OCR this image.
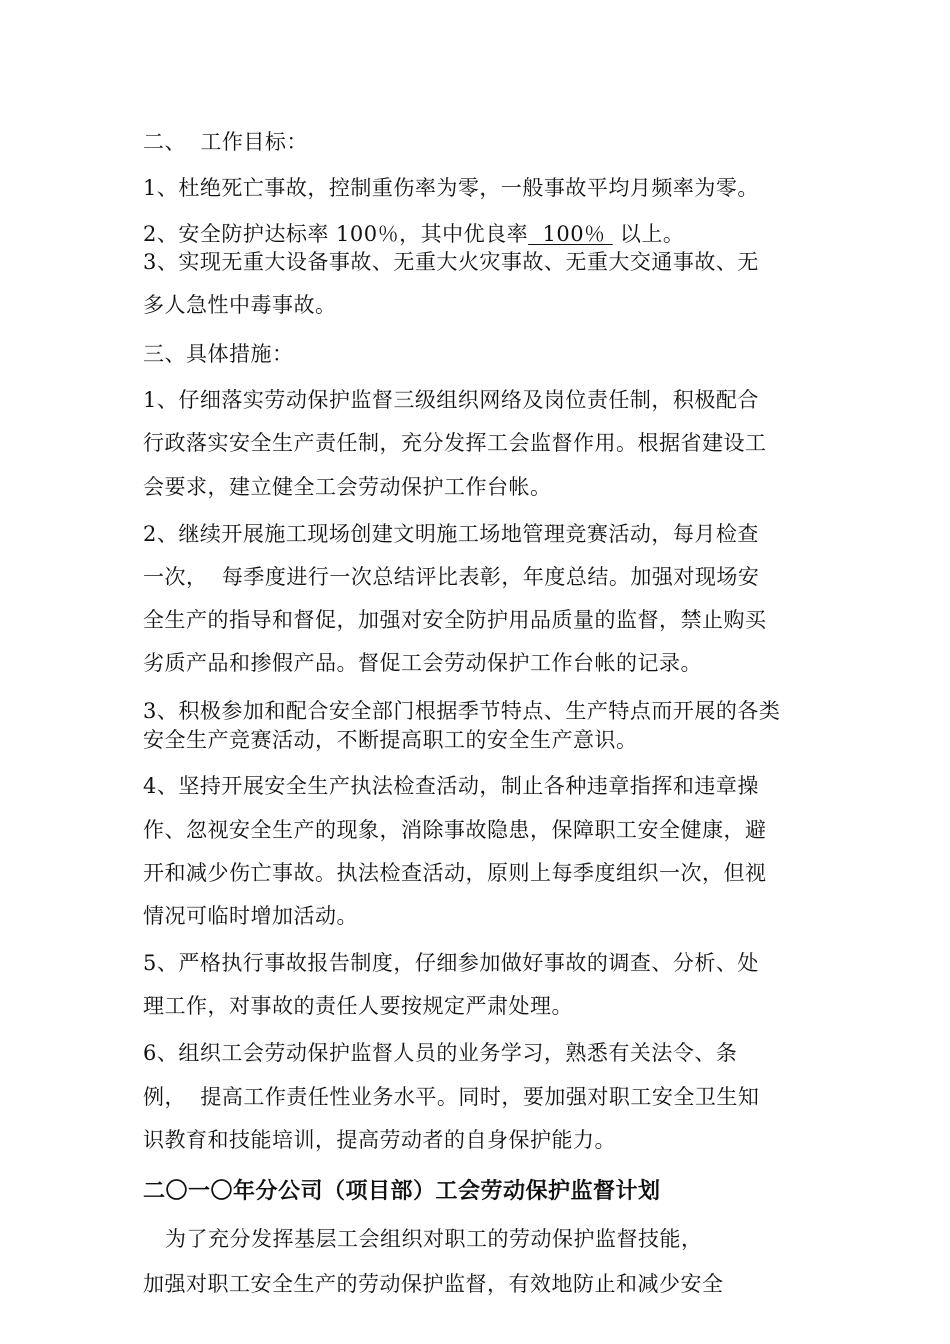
二、  工作目标：
1、杜绝死亡事故，控制重伤率为零，一般事故平均月频率为零。
2、安全防护达标率 100％，其中优良率  100％  以上。
3、实现无重大设备事故、无重大火灾事故、无重大交通事故、无
多人急性中毒事故。
三、具体措施：
1、仔细落实劳动保护监督三级组织网络及岗位责任制，积极配合
行政落实安全生产责任制，充分发挥工会监督作用。根据省建设工
会要求，建立健全工会劳动保护工作台帐。
2、继续开展施工现场创建文明施工场地管理竞赛活动，每月检查
一次，  每季度进行一次总结评比表彰，年度总结。加强对现场安
全生产的指导和督促，加强对安全防护用品质量的监督，禁止购买
劣质产品和掺假产品。督促工会劳动保护工作台帐的记录。
3、积极参加和配合安全部门根据季节特点、生产特点而开展的各类
安全生产竞赛活动，不断提高职工的安全生产意识。
4、坚持开展安全生产执法检查活动，制止各种违章指挥和违章操
作、忽视安全生产的现象，消除事故隐患，保障职工安全健康，避
开和减少伤亡事故。执法检查活动，原则上每季度组织一次，但视
情况可临时增加活动。
5、严格执行事故报告制度，仔细参加做好事故的调查、分析、处
理工作，对事故的责任人要按规定严肃处理。
6、组织工会劳动保护监督人员的业务学习，熟悉有关法令、条
例，  提高工作责任性业务水平。同时，要加强对职工安全卫生知
识教育和技能培训，提高劳动者的自身保护能力。
二〇一〇年分公司（项目部）工会劳动保护监督计划
为了充分发挥基层工会组织对职工的劳动保护监督技能，
加强对职工安全生产的劳动保护监督，有效地防止和减少安全
